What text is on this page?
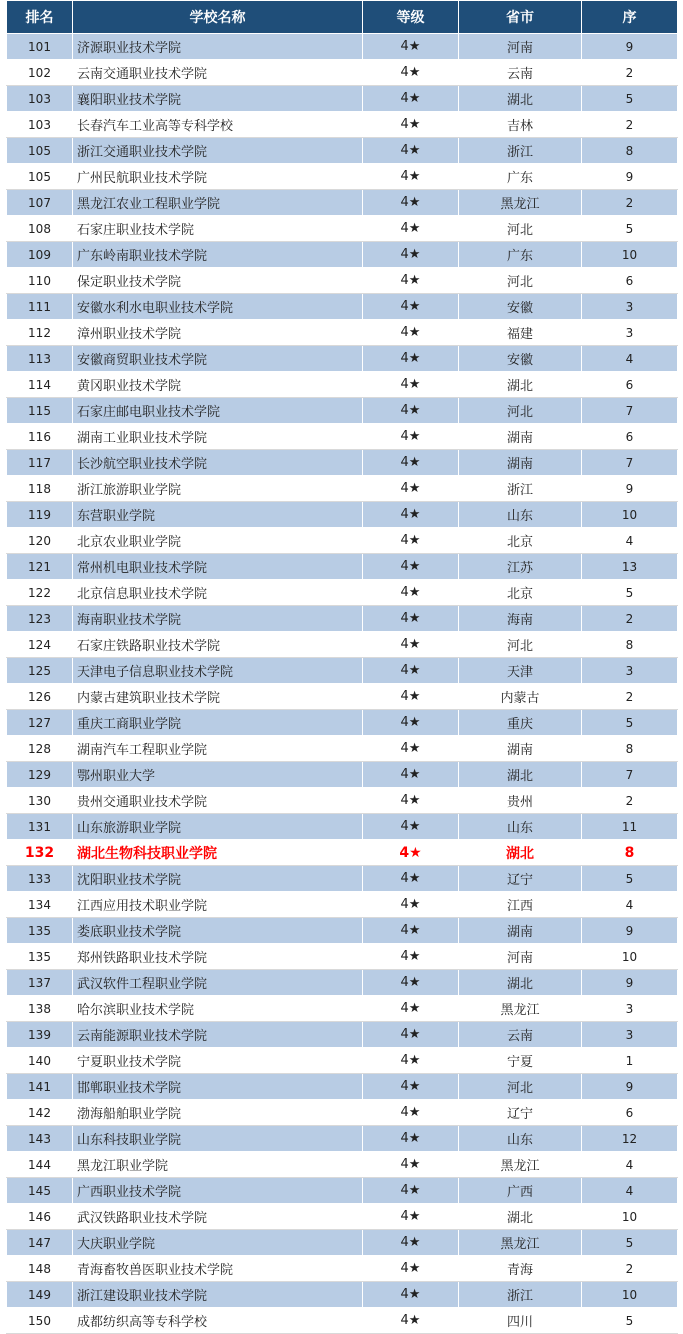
排名	学校名称	等级	省市	序
101	济源职业技术学院	4★	河南	9
102	云南交通职业技术学院	4★	云南	2
103	襄阳职业技术学院	4★	湖北	5
103	长春汽车工业高等专科学校	4★	吉林	2
105	浙江交通职业技术学院	4★	浙江	8
105	广州民航职业技术学院	4★	广东	9
107	黑龙江农业工程职业学院	4★	黑龙江	2
108	石家庄职业技术学院	4★	河北	5
109	广东岭南职业技术学院	4★	广东	10
110	保定职业技术学院	4★	河北	6
111	安徽水利水电职业技术学院	4★	安徽	3
112	漳州职业技术学院	4★	福建	3
113	安徽商贸职业技术学院	4★	安徽	4
114	黄冈职业技术学院	4★	湖北	6
115	石家庄邮电职业技术学院	4★	河北	7
116	湖南工业职业技术学院	4★	湖南	6
117	长沙航空职业技术学院	4★	湖南	7
118	浙江旅游职业学院	4★	浙江	9
119	东营职业学院	4★	山东	10
120	北京农业职业学院	4★	北京	4
121	常州机电职业技术学院	4★	江苏	13
122	北京信息职业技术学院	4★	北京	5
123	海南职业技术学院	4★	海南	2
124	石家庄铁路职业技术学院	4★	河北	8
125	天津电子信息职业技术学院	4★	天津	3
126	内蒙古建筑职业技术学院	4★	内蒙古	2
127	重庆工商职业学院	4★	重庆	5
128	湖南汽车工程职业学院	4★	湖南	8
129	鄂州职业大学	4★	湖北	7
130	贵州交通职业技术学院	4★	贵州	2
131	山东旅游职业学院	4★	山东	11
132	湖北生物科技职业学院	4★	湖北	8
133	沈阳职业技术学院	4★	辽宁	5
134	江西应用技术职业学院	4★	江西	4
135	娄底职业技术学院	4★	湖南	9
135	郑州铁路职业技术学院	4★	河南	10
137	武汉软件工程职业学院	4★	湖北	9
138	哈尔滨职业技术学院	4★	黑龙江	3
139	云南能源职业技术学院	4★	云南	3
140	宁夏职业技术学院	4★	宁夏	1
141	邯郸职业技术学院	4★	河北	9
142	渤海船舶职业学院	4★	辽宁	6
143	山东科技职业学院	4★	山东	12
144	黑龙江职业学院	4★	黑龙江	4
145	广西职业技术学院	4★	广西	4
146	武汉铁路职业技术学院	4★	湖北	10
147	大庆职业学院	4★	黑龙江	5
148	青海畜牧兽医职业技术学院	4★	青海	2
149	浙江建设职业技术学院	4★	浙江	10
150	成都纺织高等专科学校	4★	四川	5
